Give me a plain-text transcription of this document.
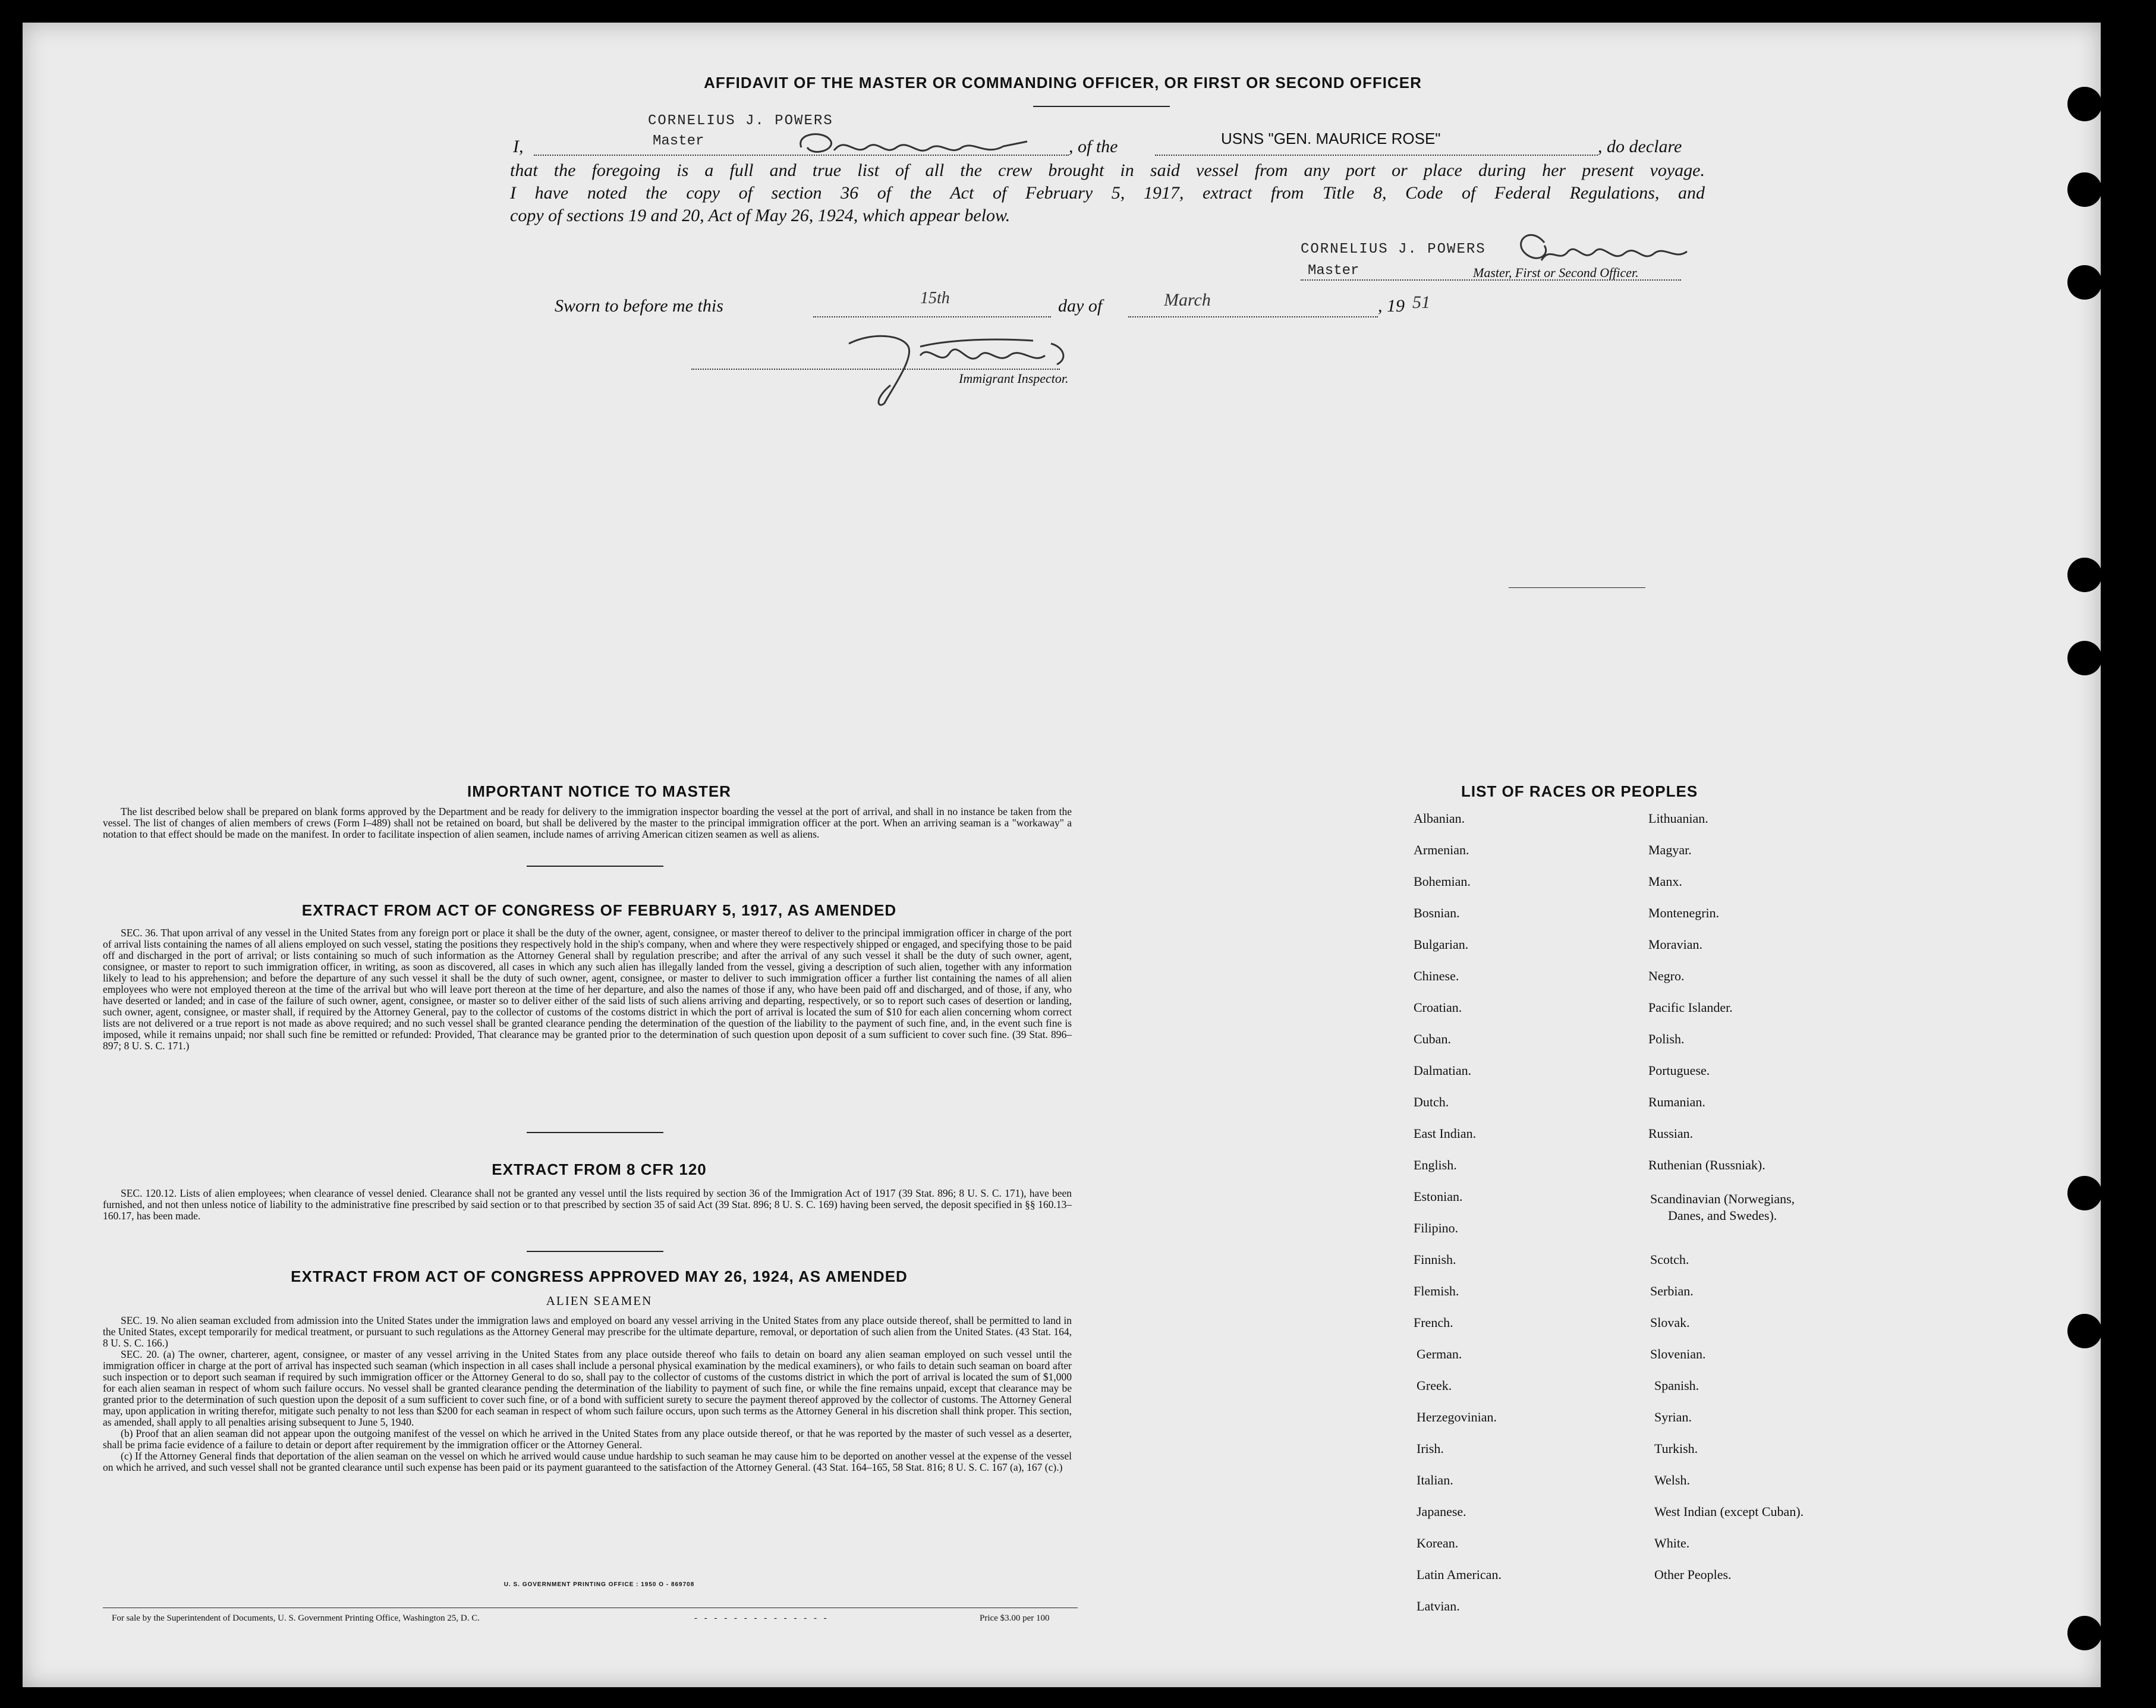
AFFIDAVIT OF THE MASTER OR COMMANDING OFFICER, OR FIRST OR SECOND OFFICER
CORNELIUS J. POWERS
Master
I,	, of the	USNS "GEN. MAURICE ROSE"	, do declare
that the foregoing is a full and true list of all the crew brought in said vessel from any port or place during her present voyage.
I have noted the copy of section 36 of the Act of February 5, 1917, extract from Title 8, Code of Federal Regulations, and
copy of sections 19 and 20, Act of May 26, 1924, which appear below.
CORNELIUS J. POWERS
Master	Master, First or Second Officer.
Sworn to before me this	15th	day of	March	, 19 51
Immigrant Inspector.
IMPORTANT NOTICE TO MASTER

The list described below shall be prepared on blank forms approved by the Department and be ready for delivery to the immigration inspector boarding the vessel at the port of arrival, and shall in no instance be taken from the vessel. The list of changes of alien members of crews (Form I–489) shall not be retained on board, but shall be delivered by the master to the principal immigration officer at the port. When an arriving seaman is a "workaway" a notation to that effect should be made on the manifest. In order to facilitate inspection of alien seamen, include names of arriving American citizen seamen as well as aliens.

EXTRACT FROM ACT OF CONGRESS OF FEBRUARY 5, 1917, AS AMENDED

SEC. 36. That upon arrival of any vessel in the United States from any foreign port or place it shall be the duty of the owner, agent, consignee, or master thereof to deliver to the principal immigration officer in charge of the port of arrival lists containing the names of all aliens employed on such vessel, stating the positions they respectively hold in the ship's company, when and where they were respectively shipped or engaged, and specifying those to be paid off and discharged in the port of arrival; or lists containing so much of such information as the Attorney General shall by regulation prescribe; and after the arrival of any such vessel it shall be the duty of such owner, agent, consignee, or master to report to such immigration officer, in writing, as soon as discovered, all cases in which any such alien has illegally landed from the vessel, giving a description of such alien, together with any information likely to lead to his apprehension; and before the departure of any such vessel it shall be the duty of such owner, agent, consignee, or master to deliver to such immigration officer a further list containing the names of all alien employees who were not employed thereon at the time of the arrival but who will leave port thereon at the time of her departure, and also the names of those if any, who have been paid off and discharged, and of those, if any, who have deserted or landed; and in case of the failure of such owner, agent, consignee, or master so to deliver either of the said lists of such aliens arriving and departing, respectively, or so to report such cases of desertion or landing, such owner, agent, consignee, or master shall, if required by the Attorney General, pay to the collector of customs of the costoms district in which the port of arrival is located the sum of $10 for each alien concerning whom correct lists are not delivered or a true report is not made as above required; and no such vessel shall be granted clearance pending the determination of the question of the liability to the payment of such fine, and, in the event such fine is imposed, while it remains unpaid; nor shall such fine be remitted or refunded: Provided, That clearance may be granted prior to the determination of such question upon deposit of a sum sufficient to cover such fine. (39 Stat. 896–897; 8 U. S. C. 171.)

EXTRACT FROM 8 CFR 120

SEC. 120.12. Lists of alien employees; when clearance of vessel denied. Clearance shall not be granted any vessel until the lists required by section 36 of the Immigration Act of 1917 (39 Stat. 896; 8 U. S. C. 171), have been furnished, and not then unless notice of liability to the administrative fine prescribed by said section or to that prescribed by section 35 of said Act (39 Stat. 896; 8 U. S. C. 169) having been served, the deposit specified in §§ 160.13–160.17, has been made.

EXTRACT FROM ACT OF CONGRESS APPROVED MAY 26, 1924, AS AMENDED
ALIEN SEAMEN

SEC. 19. No alien seaman excluded from admission into the United States under the immigration laws and employed on board any vessel arriving in the United States from any place outside thereof, shall be permitted to land in the United States, except temporarily for medical treatment, or pursuant to such regulations as the Attorney General may prescribe for the ultimate departure, removal, or deportation of such alien from the United States. (43 Stat. 164, 8 U. S. C. 166.)

SEC. 20. (a) The owner, charterer, agent, consignee, or master of any vessel arriving in the United States from any place outside thereof who fails to detain on board any alien seaman employed on such vessel until the immigration officer in charge at the port of arrival has inspected such seaman (which inspection in all cases shall include a personal physical examination by the medical examiners), or who fails to detain such seaman on board after such inspection or to deport such seaman if required by such immigration officer or the Attorney General to do so, shall pay to the collector of customs of the customs district in which the port of arrival is located the sum of $1,000 for each alien seaman in respect of whom such failure occurs. No vessel shall be granted clearance pending the determination of the liability to payment of such fine, or while the fine remains unpaid, except that clearance may be granted prior to the determination of such question upon the deposit of a sum sufficient to cover such fine, or of a bond with sufficient surety to secure the payment thereof approved by the collector of customs. The Attorney General may, upon application in writing therefor, mitigate such penalty to not less than $200 for each seaman in respect of whom such failure occurs, upon such terms as the Attorney General in his discretion shall think proper. This section, as amended, shall apply to all penalties arising subsequent to June 5, 1940.

(b) Proof that an alien seaman did not appear upon the outgoing manifest of the vessel on which he arrived in the United States from any place outside thereof, or that he was reported by the master of such vessel as a deserter, shall be prima facie evidence of a failure to detain or deport after requirement by the immigration officer or the Attorney General.

(c) If the Attorney General finds that deportation of the alien seaman on the vessel on which he arrived would cause undue hardship to such seaman he may cause him to be deported on another vessel at the expense of the vessel on which he arrived, and such vessel shall not be granted clearance until such expense has been paid or its payment guaranteed to the satisfaction of the Attorney General. (43 Stat. 164–165, 58 Stat. 816; 8 U. S. C. 167 (a), 167 (c).)

U. S. GOVERNMENT PRINTING OFFICE : 1950 O - 869708
For sale by the Superintendent of Documents, U. S. Government Printing Office, Washington 25, D. C.	- - - - - - - - - - - - - -	Price $3.00 per 100
LIST OF RACES OR PEOPLES
Albanian.
Armenian.
Bohemian.
Bosnian.
Bulgarian.
Chinese.
Croatian.
Cuban.
Dalmatian.
Dutch.
East Indian.
English.
Estonian.
Filipino.
Finnish.
Flemish.
French.
German.
Greek.
Herzegovinian.
Irish.
Italian.
Japanese.
Korean.
Latin American.
Latvian.
Lithuanian.
Magyar.
Manx.
Montenegrin.
Moravian.
Negro.
Pacific Islander.
Polish.
Portuguese.
Rumanian.
Russian.
Ruthenian (Russniak).
Scandinavian (Norwegians,
Danes, and Swedes).
Scotch.
Serbian.
Slovak.
Slovenian.
Spanish.
Syrian.
Turkish.
Welsh.
West Indian (except Cuban).
White.
Other Peoples.
